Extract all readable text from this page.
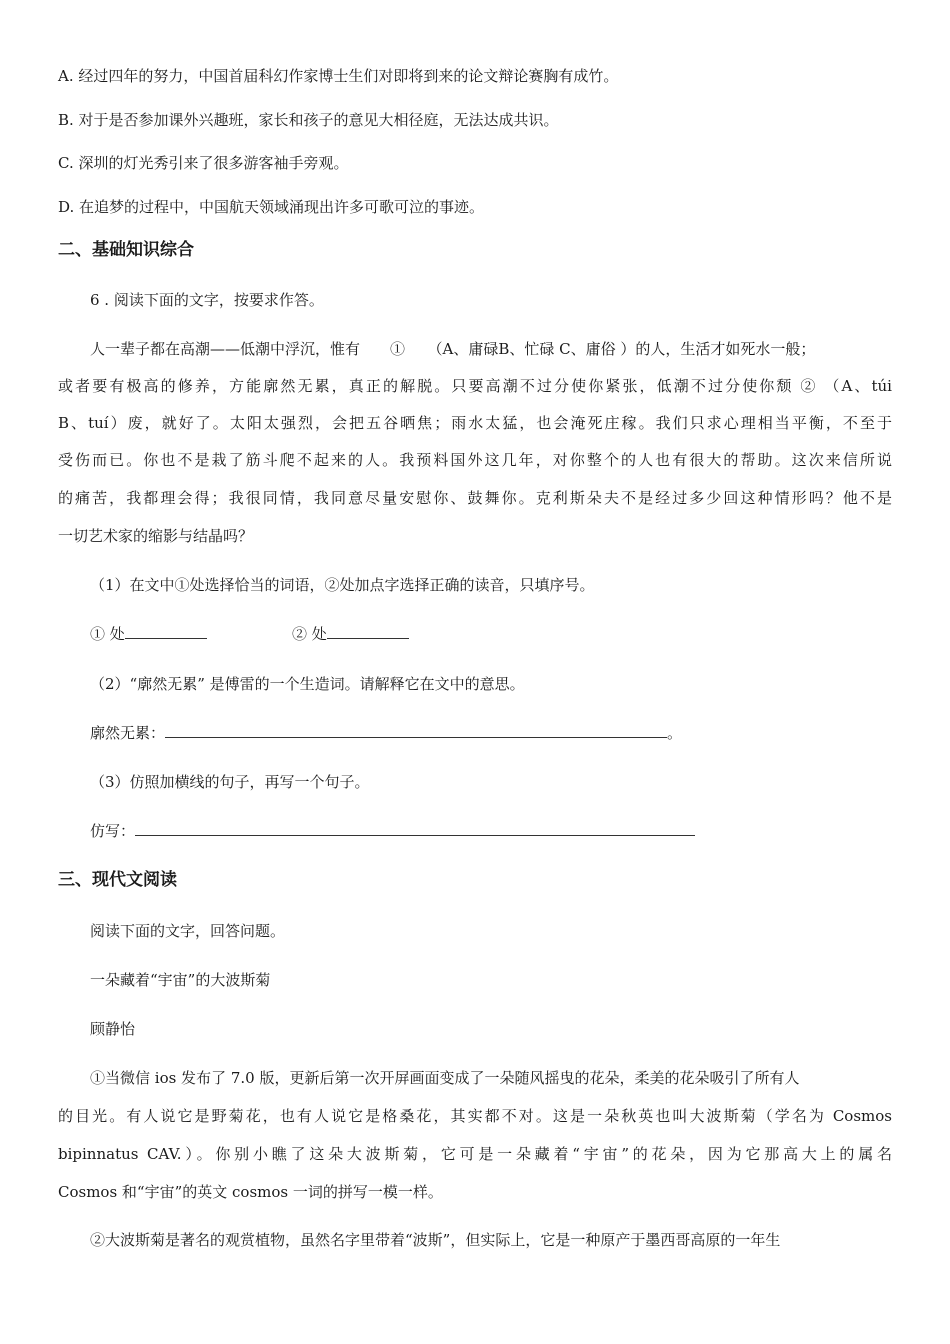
A. 经过四年的努力，中国首届科幻作家博士生们对即将到来的论文辩论赛胸有成竹。
B. 对于是否参加课外兴趣班，家长和孩子的意见大相径庭，无法达成共识。
C. 深圳的灯光秀引来了很多游客袖手旁观。
D. 在追梦的过程中，中国航天领域涌现出许多可歌可泣的事迹。
二、基础知识综合
6 . 阅读下面的文字，按要求作答。
人一辈子都在高潮——低潮中浮沉，惟有　　①　　（A、庸碌B、忙碌 C、庸俗 ）的人，生活才如死水一般；
或者要有极高的修养，方能廓然无累，真正的解脱。只要高潮不过分使你紧张，低潮不过分使你颓 ② （A、túi
B、tuí）废，就好了。太阳太强烈，会把五谷晒焦；雨水太猛，也会淹死庄稼。我们只求心理相当平衡，不至于
受伤而已。你也不是栽了筋斗爬不起来的人。我预料国外这几年，对你整个的人也有很大的帮助。这次来信所说
的痛苦，我都理会得；我很同情，我同意尽量安慰你、鼓舞你。克利斯朵夫不是经过多少回这种情形吗？他不是
一切艺术家的缩影与结晶吗？
（1）在文中①处选择恰当的词语，②处加点字选择正确的读音，只填序号。
① 处	② 处
（2）“廓然无累” 是傅雷的一个生造词。请解释它在文中的意思。
廓然无累：	。
（3）仿照加横线的句子，再写一个句子。
仿写：
三、现代文阅读
阅读下面的文字，回答问题。
一朵藏着“宇宙”的大波斯菊
顾静怡
①当微信 ios 发布了 7.0 版，更新后第一次开屏画面变成了一朵随风摇曳的花朵，柔美的花朵吸引了所有人
的目光。有人说它是野菊花，也有人说它是格桑花，其实都不对。这是一朵秋英也叫大波斯菊（学名为 Cosmos
bipinnatus CAV.）。你别小瞧了这朵大波斯菊，它可是一朵藏着“宇宙”的花朵，因为它那高大上的属名
Cosmos 和“宇宙”的英文 cosmos 一词的拼写一模一样。
②大波斯菊是著名的观赏植物，虽然名字里带着“波斯”，但实际上，它是一种原产于墨西哥高原的一年生
